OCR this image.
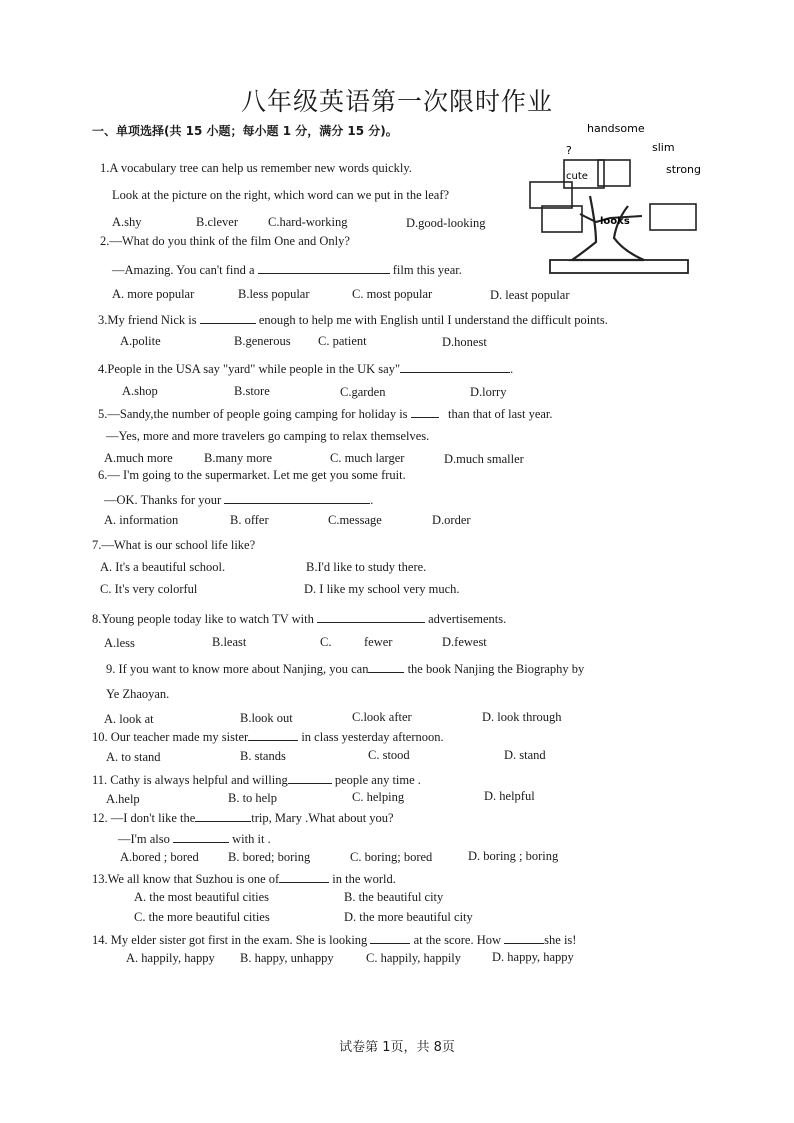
八年级英语第一次限时作业
一、单项选择(共 15 小题；每小题 1 分，满分 15 分)。	handsome
?	slim
strong
cute
looks
1.A vocabulary tree can help us remember new words quickly.
Look at the picture on the right, which word can we put in the leaf?
A.shy	B.clever C.hard-working	D.good-looking
2.—What do you think of the film One and Only?
—Amazing. You can't find a	film this year.
A. more popular	B.less popular	C. most popular	D. least popular
3.My friend Nick is	enough to help me with English until I understand the difficult points.
A.polite	B.generous C. patient	D.honest
4.People in the USA say "yard" while people in the UK say"	.
A.shop	B.store	C.garden	D.lorry
5.—Sandy,the number of people going camping for holiday is	than that of last year.
—Yes, more and more travelers go camping to relax themselves.
A.much more	B.many more	C. much larger	D.much smaller
6.— I'm going to the supermarket. Let me get you some fruit.
—OK. Thanks for your	.
A. information	B. offer	C.message	D.order
7.—What is our school life like?
A. It's a beautiful school.	B.I'd like to study there.
C. It's very colorful	D. I like my school very much.
8.Young people today like to watch TV with	advertisements.
A.less	B.least	C.	fewer	D.fewest
9. If you want to know more about Nanjing, you can	the book Nanjing the Biography by
Ye Zhaoyan.
A. look at	B.look out	C.look after	D. look through
10. Our teacher made my sister	in class yesterday afternoon.
A. to stand	B. stands	C. stood	D. stand
11. Cathy is always helpful and willing	people any time .
A.help	B. to help	C. helping	D. helpful
12. —I don't like the	trip, Mary .What about you?
—I'm also	with it .
A.bored ; bored B. bored; boring	C. boring; bored	D. boring ; boring
13.We all know that Suzhou is one of	in the world.
A. the most beautiful cities	B. the beautiful city
C. the more beautiful cities	D. the more beautiful city
14. My elder sister got first in the exam. She is looking	at the score. How	she is!
A. happily, happy B. happy, unhappy	C. happily, happily D. happy, happy
试卷第 1页，共 8页
